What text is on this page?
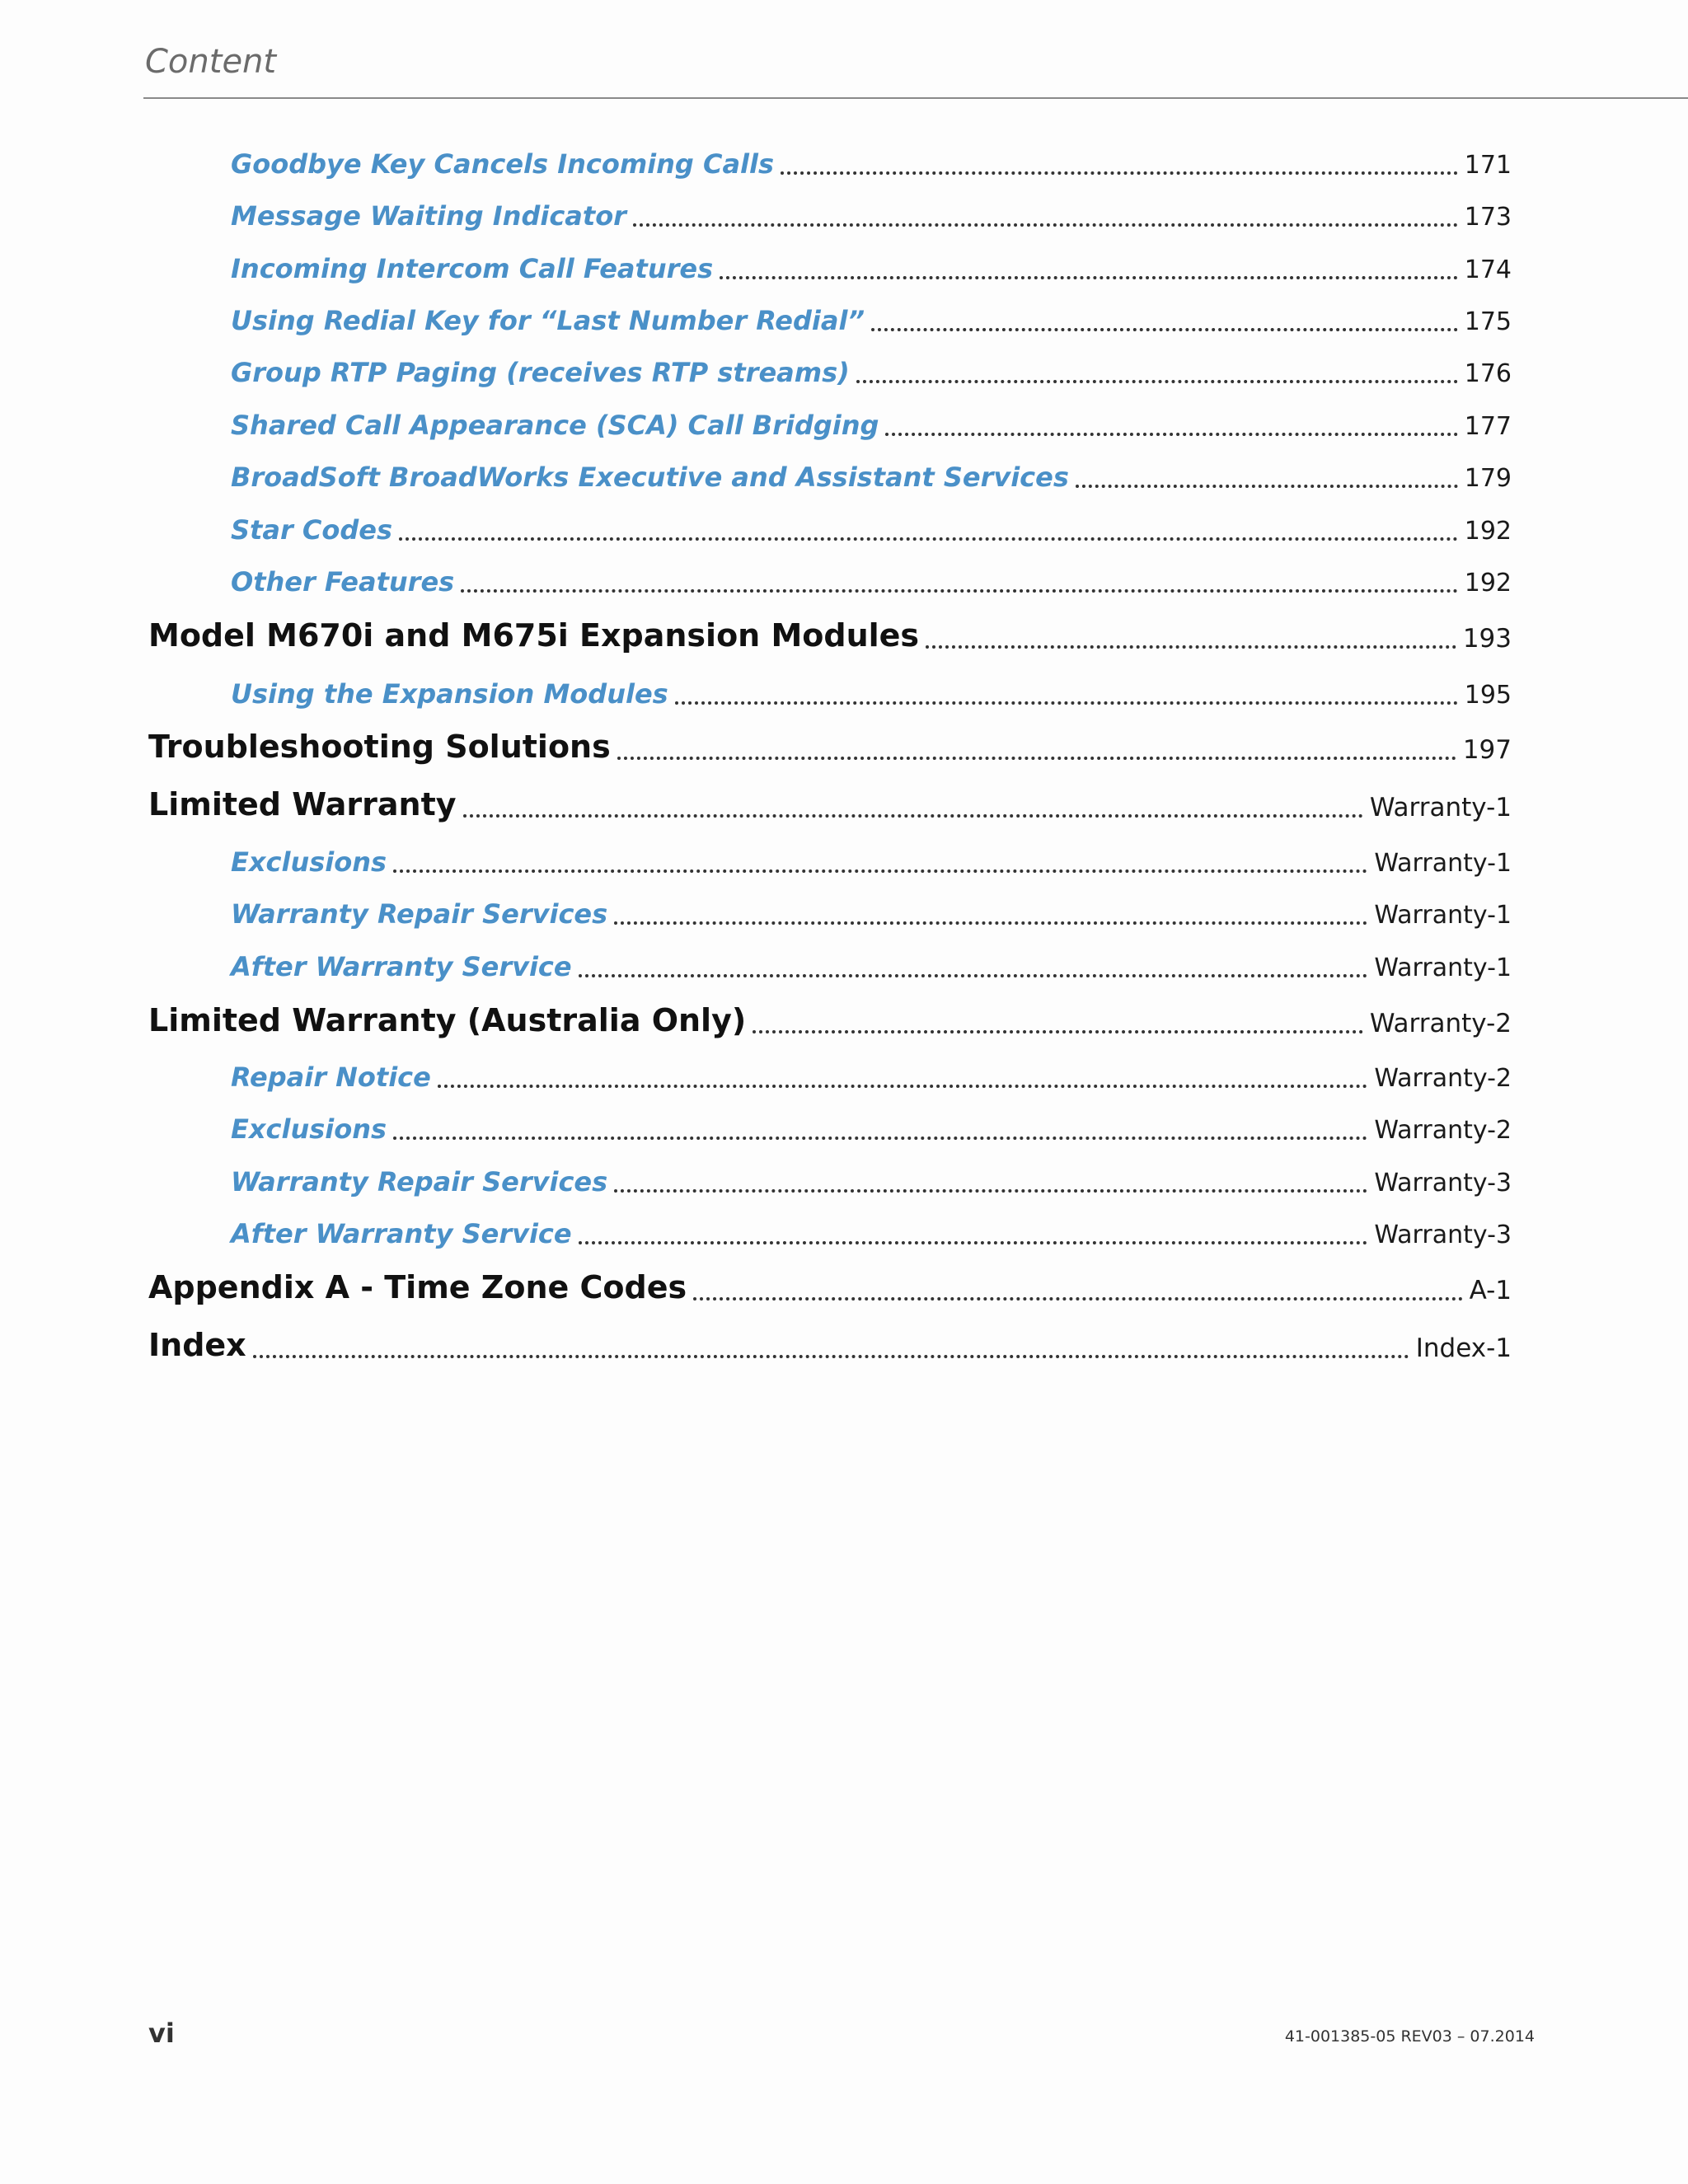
Content
Goodbye Key Cancels Incoming Calls	171
Message Waiting Indicator	173
Incoming Intercom Call Features	174
Using Redial Key for “Last Number Redial”	175
Group RTP Paging (receives RTP streams)	176
Shared Call Appearance (SCA) Call Bridging	177
BroadSoft BroadWorks Executive and Assistant Services	179
Star Codes	192
Other Features	192
Model M670i and M675i Expansion Modules	193
Using the Expansion Modules	195
Troubleshooting Solutions	197
Limited Warranty	Warranty-1
Exclusions	Warranty-1
Warranty Repair Services	Warranty-1
After Warranty Service	Warranty-1
Limited Warranty (Australia Only)	Warranty-2
Repair Notice	Warranty-2
Exclusions	Warranty-2
Warranty Repair Services	Warranty-3
After Warranty Service	Warranty-3
Appendix A - Time Zone Codes	A-1
Index	Index-1
vi	41-001385-05 REV03 – 07.2014
